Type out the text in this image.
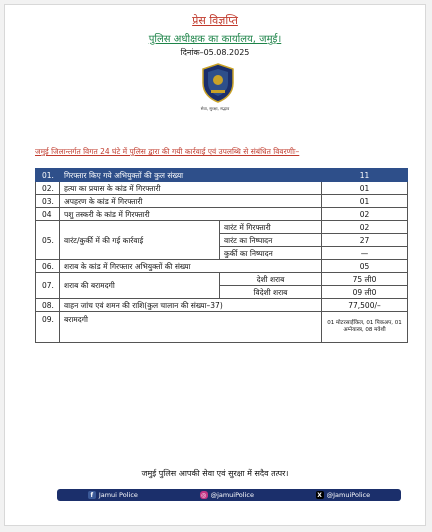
प्रेस विज्ञप्ति
पुलिस अधीक्षक का कार्यालय, जमुई।
दिनांक–05.08.2025
सेवा, सुरक्षा, सद्भाव
जमुई जिलान्तर्गत विगत 24 घंटे में पुलिस द्वारा की गयी कार्रवाई एवं उपलब्धि से संबंधित विवरणीः–
01.	गिरफ्तार किए गये अभियुक्तों की कुल संख्या		11
02.	हत्या का प्रयास के कांड में गिरफ्तारी		01
03.	अपहरण के कांड में गिरफ्तारी		01
04	पशु तस्करी के कांड में गिरफ्तारी		02
05.	वारंट/कुर्की में की गई कार्रवाई	वारंट में गिरफ्तारी	02
		वारंट का निष्पादन	27
		कुर्की का निष्पादन	—
06.	शराब के कांड में गिरफ्तार अभियुक्तों की संख्या		05
07.	शराब की बरामदगी	देशी शराब	75 ली0
		विदेशी शराब	09 ली0
08.	वाहन जांच एवं शमन की राशि(कुल चालान की संख्या–37)		77,500/–
09.	बरामदगी		01 मोटरसाईकिल, 01 पिकअप, 01 अग्नेयास्त्र, 08 मवेशी
जमुई पुलिस आपकी सेवा एवं सुरक्षा में सदैव तत्पर।
f Jamui Police	◎ @jamuiPolice	X @JamuiPolice
